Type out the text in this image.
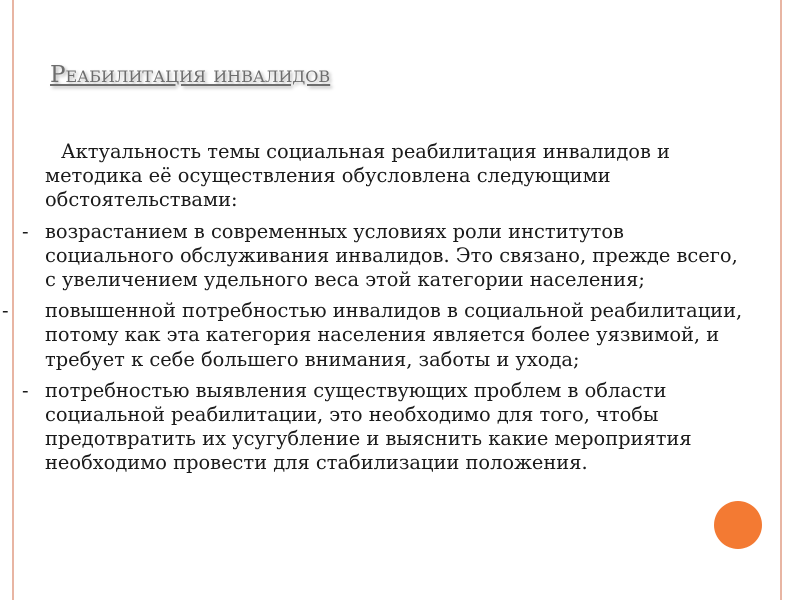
Реабилитация инвалидов

Актуальность темы социальная реабилитация инвалидов и методика её осуществления обусловлена следующими обстоятельствами:

- возрастанием в современных условиях роли институтов социального обслуживания инвалидов. Это связано, прежде всего, с увеличением удельного веса этой категории населения;
- повышенной потребностью инвалидов в социальной реабилитации, потому как эта категория населения является более уязвимой, и требует к себе большего внимания, заботы и ухода;
- потребностью выявления существующих проблем в области социальной реабилитации, это необходимо для того, чтобы предотвратить их усугубление и выяснить какие мероприятия необходимо провести для стабилизации положения.
